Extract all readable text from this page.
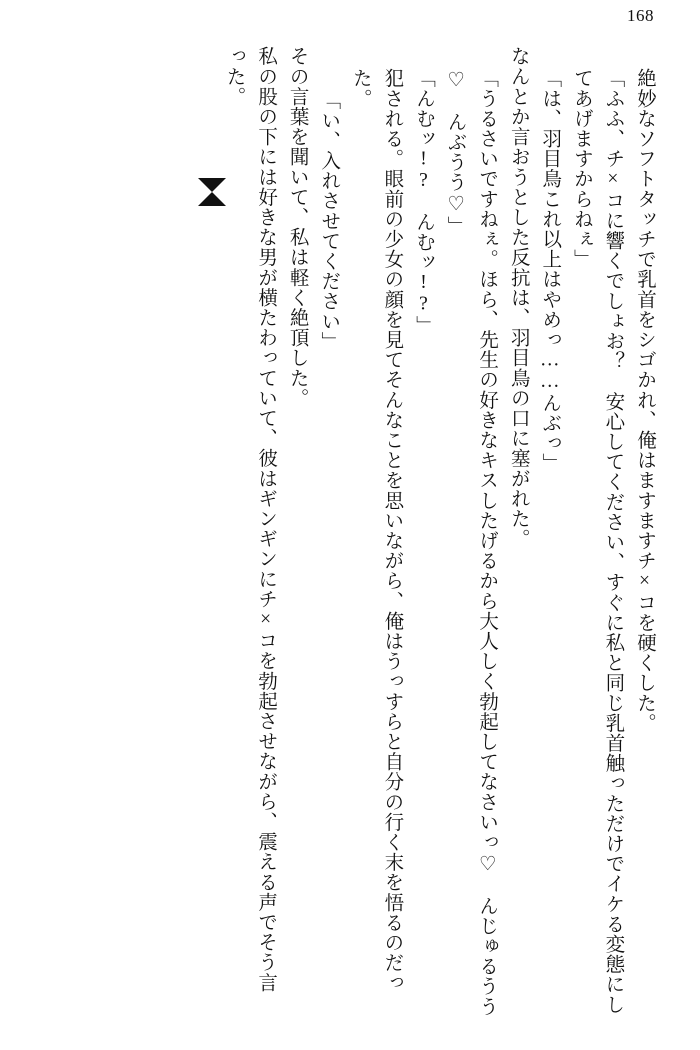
168
絶妙なソフトタッチで乳首をシゴかれ、俺はますますチ×コを硬くした。
「ふふ、チ×コに響くでしょお？　安心してください、すぐに私と同じ乳首触っただけでイケる変態にしてあげますからねぇ」
「は、羽目鳥これ以上はやめっ……んぶっ」
なんとか言おうとした反抗は、羽目鳥の口に塞がれた。
「うるさいですねぇ。ほら、先生の好きなキスしたげるから大人しく勃起してなさいっ♡　んじゅるうう♡　んぶうう♡」
「んむッ!?　んむッ!?」
犯される。眼前の少女の顔を見てそんなことを思いながら、俺はうっすらと自分の行く末を悟るのだった。
「い、入れさせてください」
その言葉を聞いて、私は軽く絶頂した。
私の股の下には好きな男が横たわっていて、彼はギンギンにチ×コを勃起させながら、震える声でそう言った。
